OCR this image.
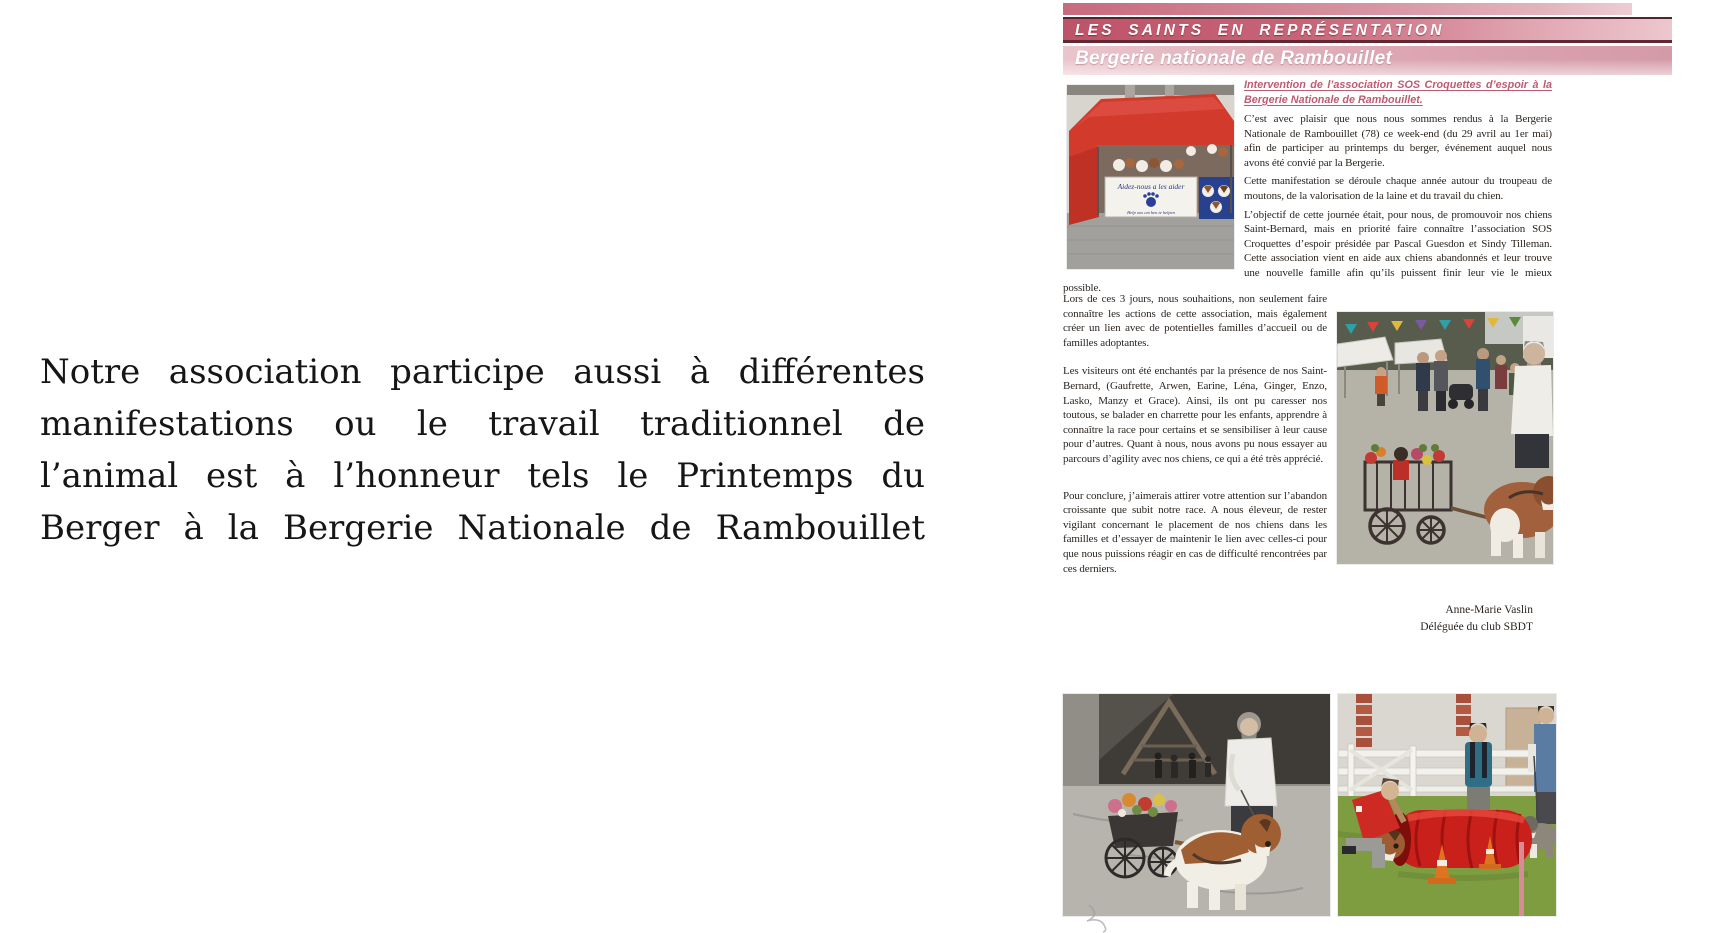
Notre association participe aussi à différentes
manifestations ou le travail traditionnel de
l’animal est à l’honneur tels le Printemps du
Berger à la Bergerie Nationale de Rambouillet
LES SAINTS EN REPRÉSENTATION
Bergerie nationale de Rambouillet
Aidez-nous a les aider
Help ons om hen te helpen
Intervention de l’association SOS Croquettes d’espoir à la Bergerie Nationale de Rambouillet.

C’est avec plaisir que nous nous sommes rendus à la Bergerie Nationale de Rambouillet (78) ce week-end (du 29 avril au 1er mai) afin de participer au printemps du berger, événement auquel nous avons été convié par la Bergerie.

Cette manifestation se déroule chaque année autour du troupeau de moutons, de la valorisation de la laine et du travail du chien.

L’objectif de cette journée était, pour nous, de promouvoir nos chiens Saint-Bernard, mais en priorité faire connaître l’association SOS Croquettes d’espoir présidée par Pascal Guesdon et Sindy Tilleman. Cette association vient en aide aux chiens abandonnés et leur trouve une nouvelle famille afin qu’ils puissent finir leur vie le mieux possible.

Lors de ces 3 jours, nous souhaitions, non seulement faire connaître les actions de cette association, mais également créer un lien avec de potentielles familles d’accueil ou de familles adoptantes.

Les visiteurs ont été enchantés par la présence de nos Saint-Bernard, (Gaufrette, Arwen, Earine, Léna, Ginger, Enzo, Lasko, Manzy et Grace). Ainsi, ils ont pu caresser nos toutous, se balader en charrette pour les enfants, apprendre à connaître la race pour certains et se sensibiliser à leur cause pour d’autres. Quant à nous, nous avons pu nous essayer au parcours d’agility avec nos chiens, ce qui a été très apprécié.

Pour conclure, j’aimerais attirer votre attention sur l’abandon croissante que subit notre race. A nous éleveur, de rester vigilant concernant le placement de nos chiens dans les familles et d’essayer de maintenir le lien avec celles-ci pour que nous puissions réagir en cas de difficulté rencontrées par ces derniers.

Anne-Marie Vaslin
Déléguée du club SBDT
